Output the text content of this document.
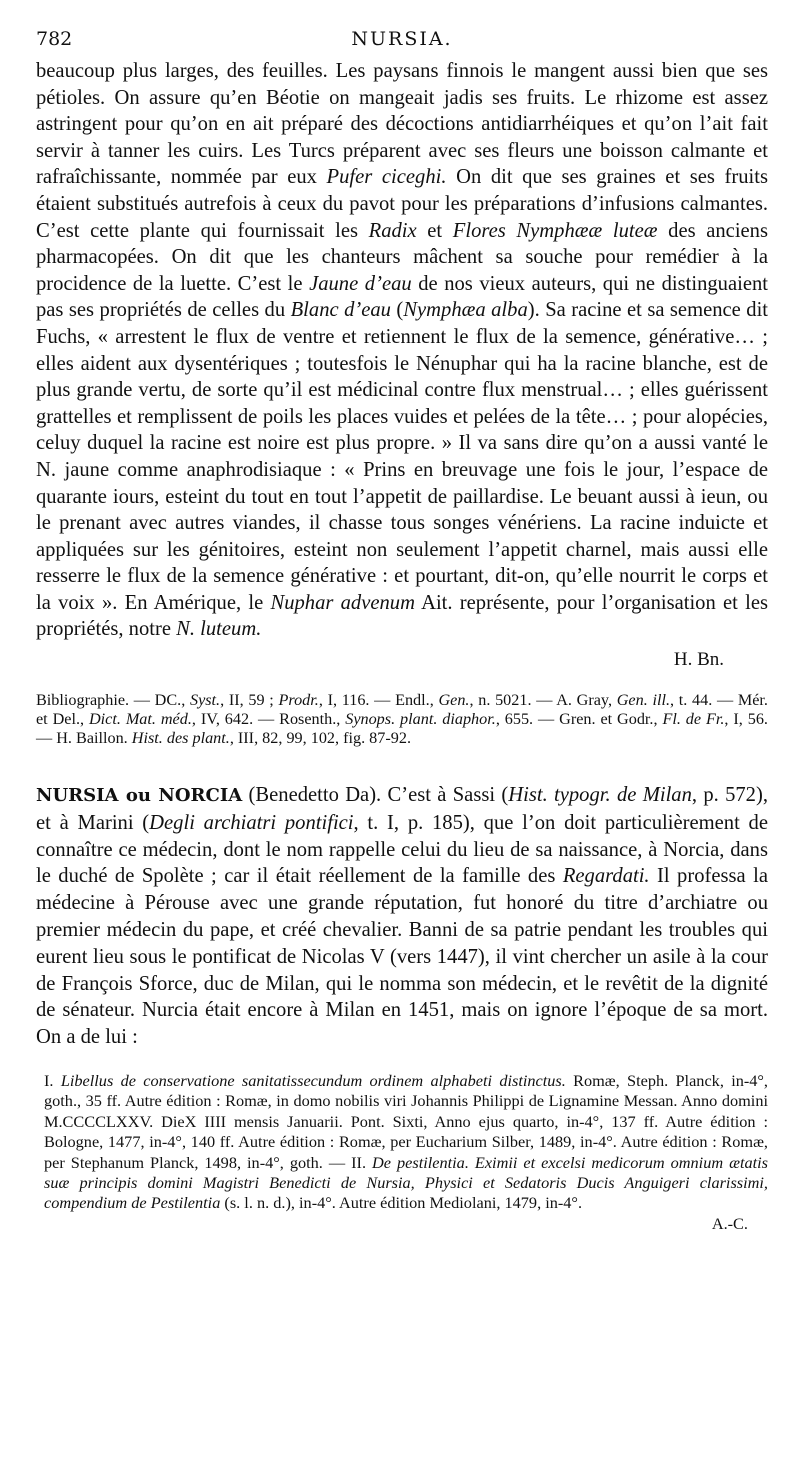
782	NURSIA.
beaucoup plus larges, des feuilles. Les paysans finnois le mangent aussi bien que ses pétioles. On assure qu’en Béotie on mangeait jadis ses fruits. Le rhizome est assez astringent pour qu’on en ait préparé des décoctions antidiarrhéiques et qu’on l’ait fait servir à tanner les cuirs. Les Turcs préparent avec ses fleurs une boisson calmante et rafraîchissante, nommée par eux Pufer ciceghi. On dit que ses graines et ses fruits étaient substitués autrefois à ceux du pavot pour les préparations d’infusions calmantes. C’est cette plante qui fournissait les Radix et Flores Nymphææ luteæ des anciens pharmacopées. On dit que les chanteurs mâchent sa souche pour remédier à la procidence de la luette. C’est le Jaune d’eau de nos vieux auteurs, qui ne distinguaient pas ses propriétés de celles du Blanc d’eau (Nymphæa alba). Sa racine et sa semence dit Fuchs, « arrestent le flux de ventre et retiennent le flux de la semence, générative… ; elles aident aux dysentériques ; toutesfois le Nénuphar qui ha la racine blanche, est de plus grande vertu, de sorte qu’il est médicinal contre flux menstrual… ; elles guérissent grattelles et remplissent de poils les places vuides et pelées de la tête… ; pour alopécies, celuy duquel la racine est noire est plus propre. » Il va sans dire qu’on a aussi vanté le N. jaune comme anaphrodisiaque : « Prins en breuvage une fois le jour, l’espace de quarante iours, esteint du tout en tout l’appetit de paillardise. Le beuant aussi à ieun, ou le prenant avec autres viandes, il chasse tous songes vénériens. La racine induicte et appliquées sur les génitoires, esteint non seulement l’appetit charnel, mais aussi elle resserre le flux de la semence générative : et pourtant, dit-on, qu’elle nourrit le corps et la voix ». En Amérique, le Nuphar advenum Ait. représente, pour l’organisation et les propriétés, notre N. luteum.
H. Bn.
Bibliographie. — DC., Syst., II, 59 ; Prodr., I, 116. — Endl., Gen., n. 5021. — A. Gray, Gen. ill., t. 44. — Mér. et Del., Dict. Mat. méd., IV, 642. — Rosenth., Synops. plant. diaphor., 655. — Gren. et Godr., Fl. de Fr., I, 56. — H. Baillon. Hist. des plant., III, 82, 99, 102, fig. 87-92.
NURSIA ou NORCIA (Benedetto Da). C’est à Sassi (Hist. typogr. de Milan, p. 572), et à Marini (Degli archiatri pontifici, t. I, p. 185), que l’on doit particulièrement de connaître ce médecin, dont le nom rappelle celui du lieu de sa naissance, à Norcia, dans le duché de Spolète ; car il était réellement de la famille des Regardati. Il professa la médecine à Pérouse avec une grande réputation, fut honoré du titre d’archiatre ou premier médecin du pape, et créé chevalier. Banni de sa patrie pendant les troubles qui eurent lieu sous le pontificat de Nicolas V (vers 1447), il vint chercher un asile à la cour de François Sforce, duc de Milan, qui le nomma son médecin, et le revêtit de la dignité de sénateur. Nurcia était encore à Milan en 1451, mais on ignore l’époque de sa mort. On a de lui :
I. Libellus de conservatione sanitatissecundum ordinem alphabeti distinctus. Romæ, Steph. Planck, in-4°, goth., 35 ff. Autre édition : Romæ, in domo nobilis viri Johannis Philippi de Lignamine Messan. Anno domini M.CCCCLXXV. DieX IIII mensis Januarii. Pont. Sixti, Anno ejus quarto, in-4°, 137 ff. Autre édition : Bologne, 1477, in-4°, 140 ff. Autre édition : Romæ, per Eucharium Silber, 1489, in-4°. Autre édition : Romæ, per Stephanum Planck, 1498, in-4°, goth. — II. De pestilentia. Eximii et excelsi medicorum omnium ætatis suæ principis domini Magistri Benedicti de Nursia, Physici et Sedatoris Ducis Anguigeri clarissimi, compendium de Pestilentia (s. l. n. d.), in-4°. Autre édition Mediolani, 1479, in-4°.
A.-C.
